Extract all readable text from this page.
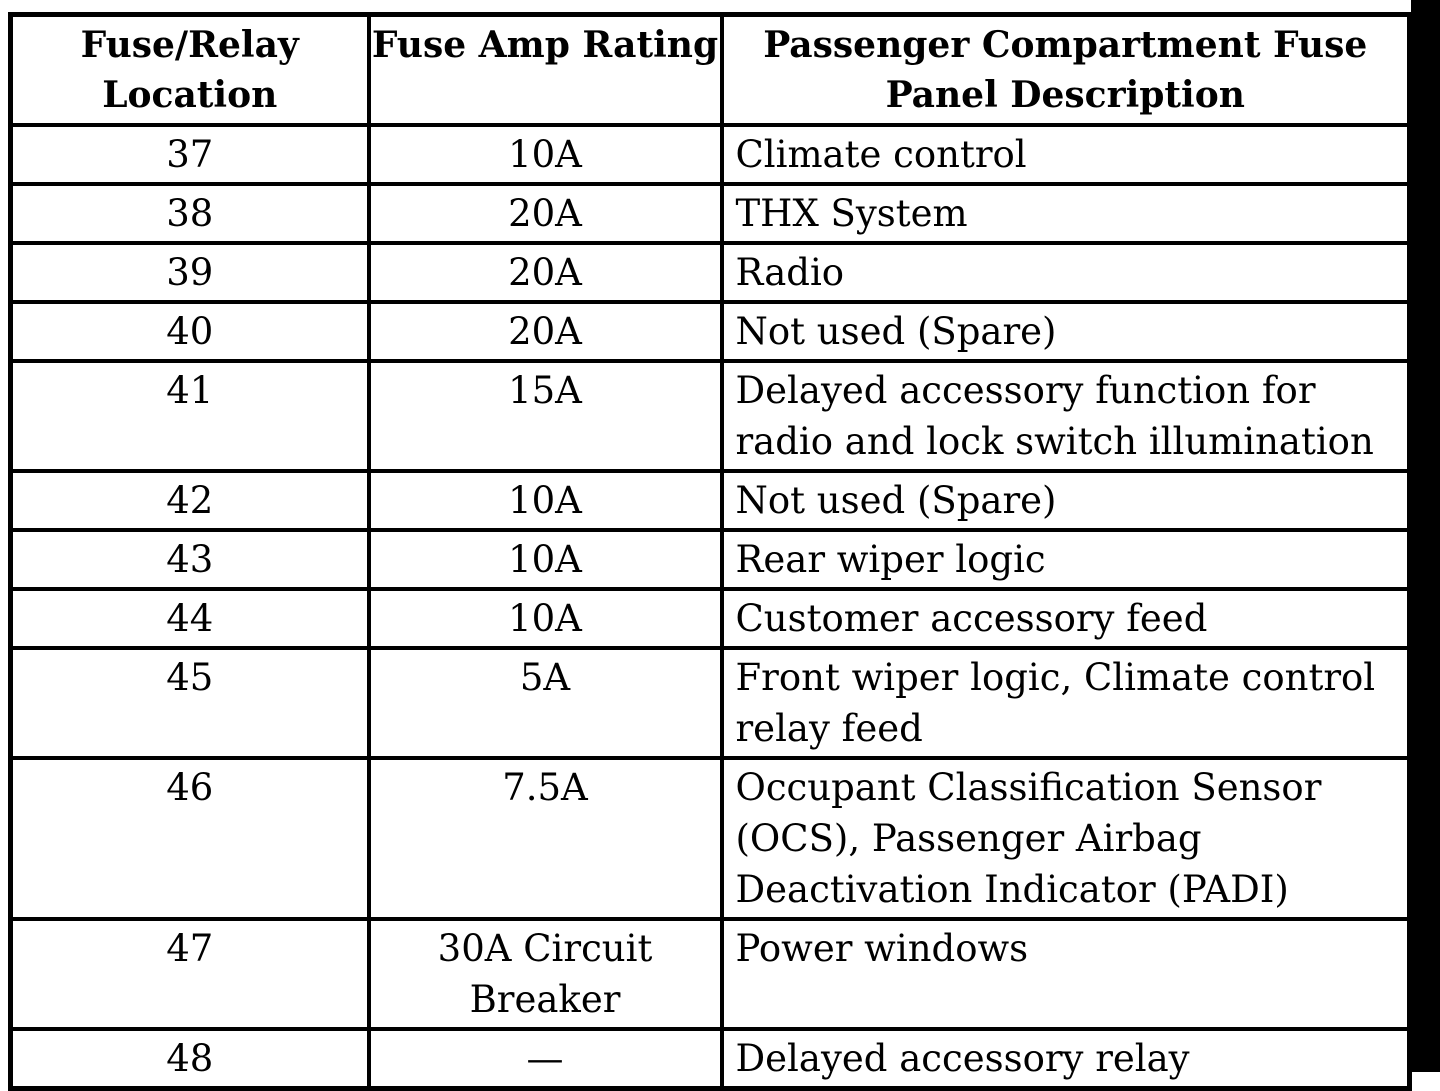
Fuse/Relay Location	Fuse Amp Rating	Passenger Compartment Fuse Panel Description
37	10A	Climate control
38	20A	THX System
39	20A	Radio
40	20A	Not used (Spare)
41	15A	Delayed accessory function for radio and lock switch illumination
42	10A	Not used (Spare)
43	10A	Rear wiper logic
44	10A	Customer accessory feed
45	5A	Front wiper logic, Climate control relay feed
46	7.5A	Occupant Classification Sensor (OCS), Passenger Airbag Deactivation Indicator (PADI)
47	30A Circuit Breaker	Power windows
48	—	Delayed accessory relay
